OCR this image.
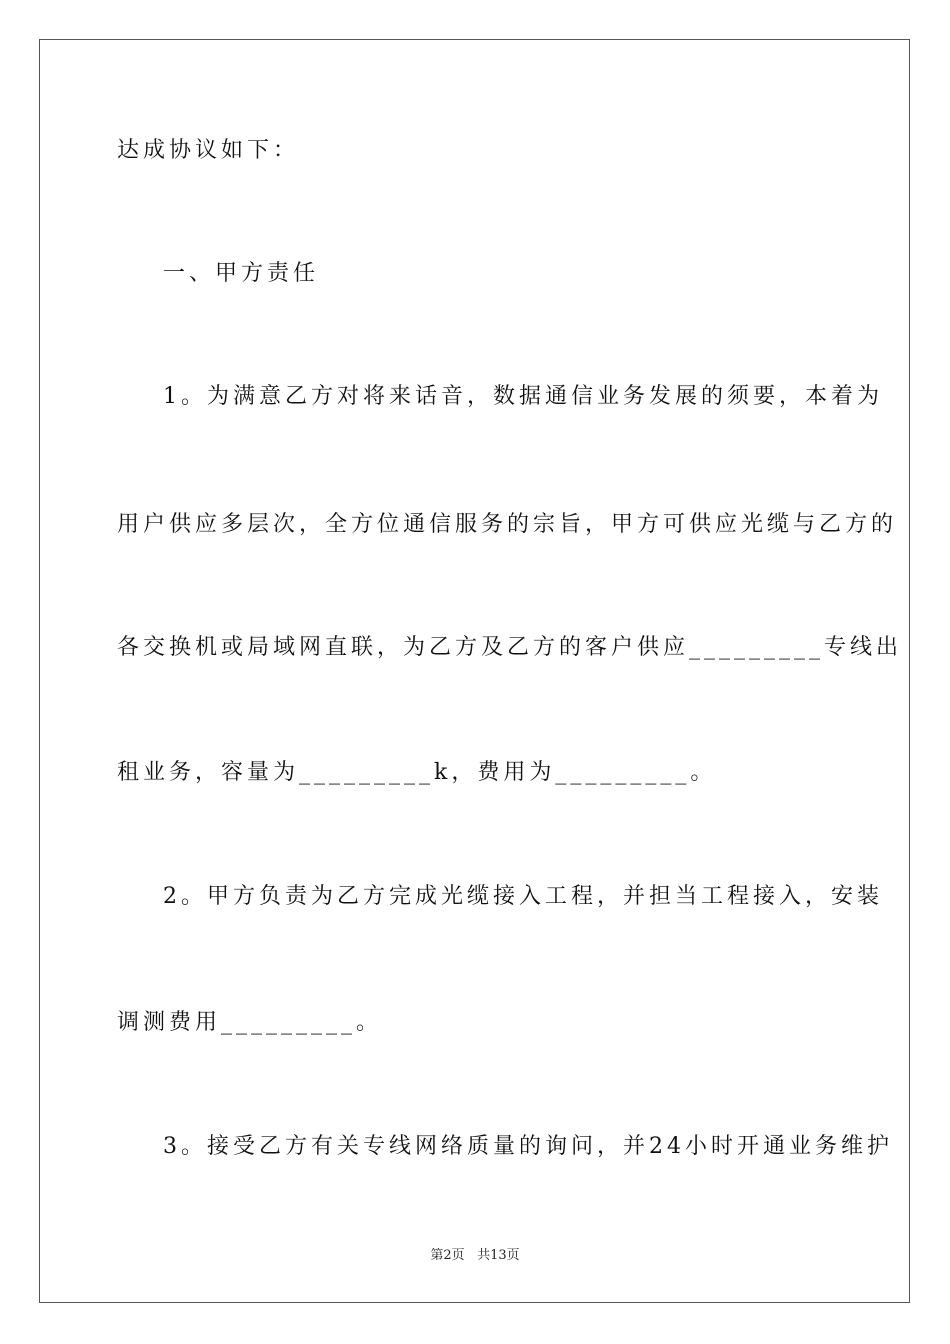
达成协议如下：
一、甲方责任
1。为满意乙方对将来话音，数据通信业务发展的须要，本着为
用户供应多层次，全方位通信服务的宗旨，甲方可供应光缆与乙方的
各交换机或局域网直联，为乙方及乙方的客户供应_________专线出
租业务，容量为_________k，费用为_________。
2。甲方负责为乙方完成光缆接入工程，并担当工程接入，安装
调测费用_________。
3。接受乙方有关专线网络质量的询问，并24小时开通业务维护
第2页 共13页
